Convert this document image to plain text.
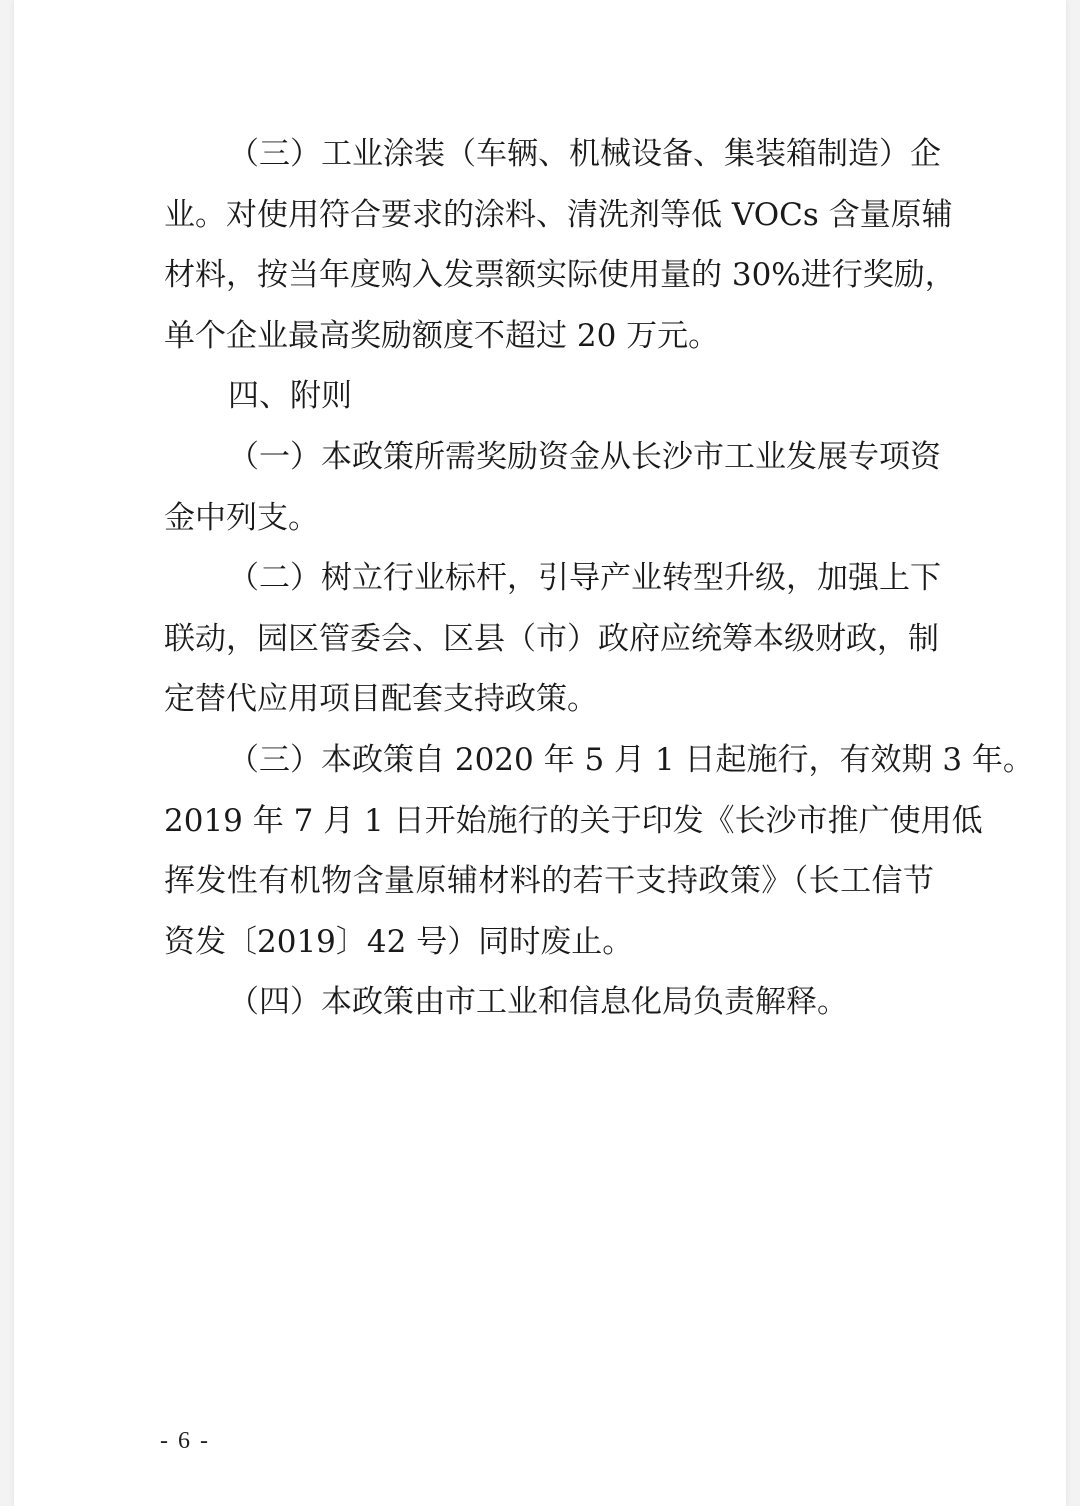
（三）工业涂装（车辆、机械设备、集装箱制造）企
业。对使用符合要求的涂料、清洗剂等低 VOCs 含量原辅
材料，按当年度购入发票额实际使用量的 30%进行奖励，
单个企业最高奖励额度不超过 20 万元。
四、附则
（一）本政策所需奖励资金从长沙市工业发展专项资
金中列支。
（二）树立行业标杆，引导产业转型升级，加强上下
联动，园区管委会、区县（市）政府应统筹本级财政，制
定替代应用项目配套支持政策。
（三）本政策自 2020 年 5 月 1 日起施行，有效期 3 年。
2019 年 7 月 1 日开始施行的关于印发《长沙市推广使用低
挥发性有机物含量原辅材料的若干支持政策》（长工信节
资发〔2019〕42 号）同时废止。
（四）本政策由市工业和信息化局负责解释。
- 6 -
